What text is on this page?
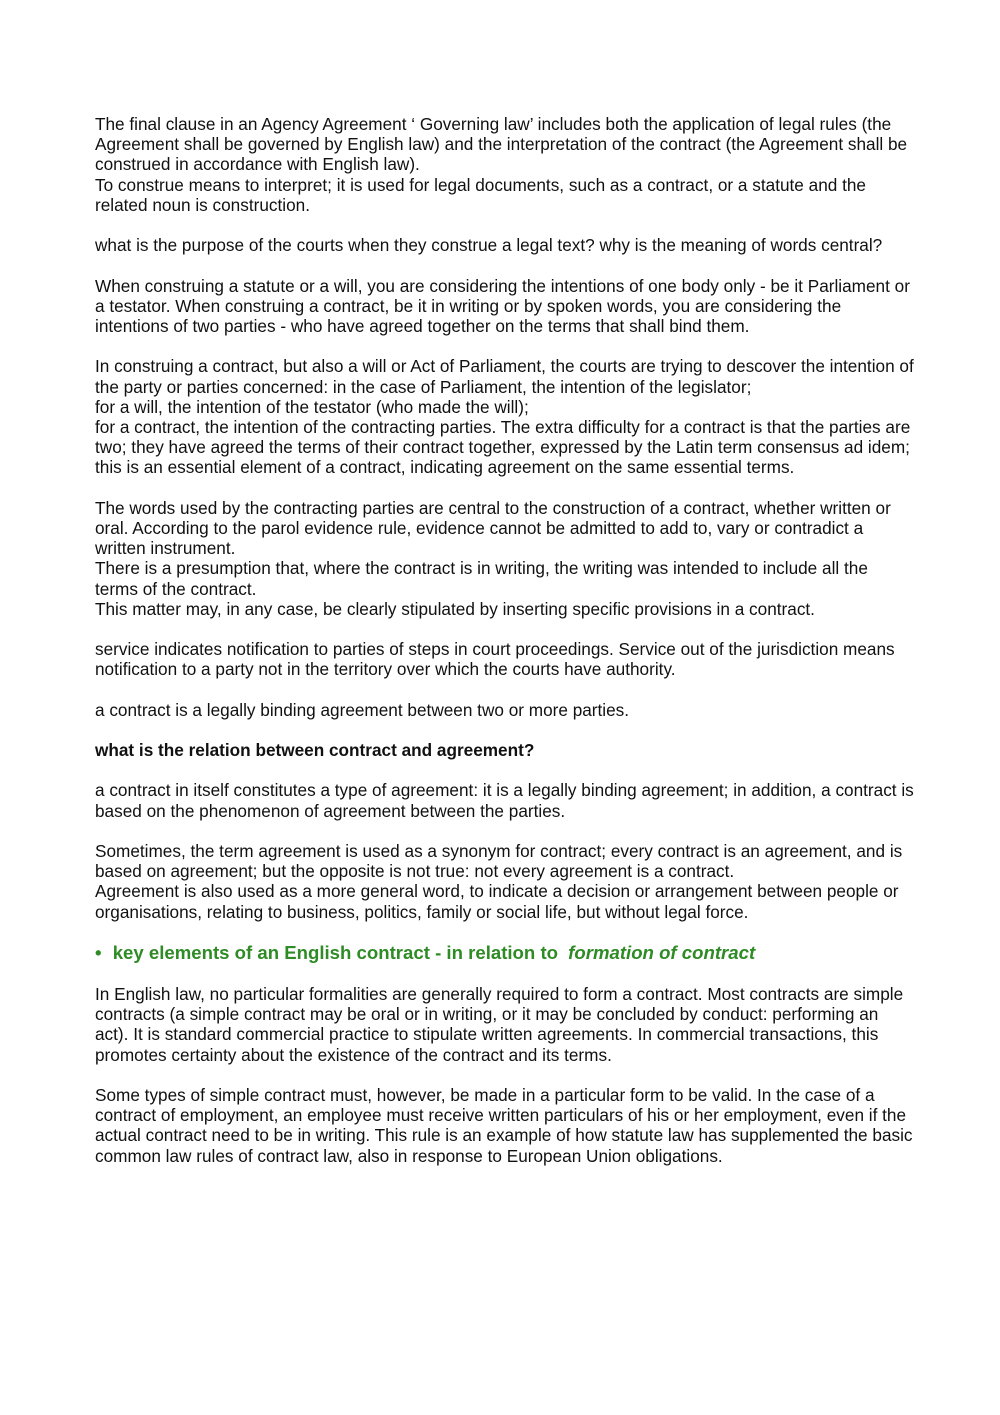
The final clause in an Agency Agreement ‘ Governing law’ includes both the application of legal rules (the Agreement shall be governed by English law) and the interpretation of the contract (the Agreement shall be construed in accordance with English law).
To construe means to interpret; it is used for legal documents, such as a contract, or a statute and the related noun is construction.
what is the purpose of the courts when they construe a legal text? why is the meaning of words central?
When construing a statute or a will, you are considering the intentions of one body only - be it Parliament or a testator. When construing a contract, be it in writing or by spoken words, you are considering the intentions of two parties - who have agreed together on the terms that shall bind them.
In construing a contract, but also a will or Act of Parliament, the courts are trying to descover the intention of the party or parties concerned: in the case of Parliament, the intention of the legislator;
for a will, the intention of the testator (who made the will);
for a contract, the intention of the contracting parties. The extra difficulty for a contract is that the parties are two; they have agreed the terms of their contract together, expressed by the Latin term consensus ad idem; this is an essential element of a contract, indicating agreement on the same essential terms.
The words used by the contracting parties are central to the construction of a contract, whether written or oral. According to the parol evidence rule, evidence cannot be admitted to add to, vary or contradict a written instrument.
There is a presumption that, where the contract is in writing, the writing was intended to include all the terms of the contract.
This matter may, in any case, be clearly stipulated by inserting specific provisions in a contract.
service indicates notification to parties of steps in court proceedings. Service out of the jurisdiction means notification to a party not in the territory over which the courts have authority.
a contract is a legally binding agreement between two or more parties.
what is the relation between contract and agreement?
a contract in itself constitutes a type of agreement: it is a legally binding agreement; in addition, a contract is based on the phenomenon of agreement between the parties.
Sometimes, the term agreement is used as a synonym for contract; every contract is an agreement, and is based on agreement; but the opposite is not true: not every agreement is a contract.
Agreement is also used as a more general word, to indicate a decision or arrangement between people or organisations, relating to business, politics, family or social life, but without legal force.
• key elements of an English contract - in relation to formation of contract
In English law, no particular formalities are generally required to form a contract. Most contracts are simple contracts (a simple contract may be oral or in writing, or it may be concluded by conduct: performing an act). It is standard commercial practice to stipulate written agreements. In commercial transactions, this promotes certainty about the existence of the contract and its terms.
Some types of simple contract must, however, be made in a particular form to be valid. In the case of a contract of employment, an employee must receive written particulars of his or her employment, even if the actual contract need to be in writing. This rule is an example of how statute law has supplemented the basic common law rules of contract law, also in response to European Union obligations.
